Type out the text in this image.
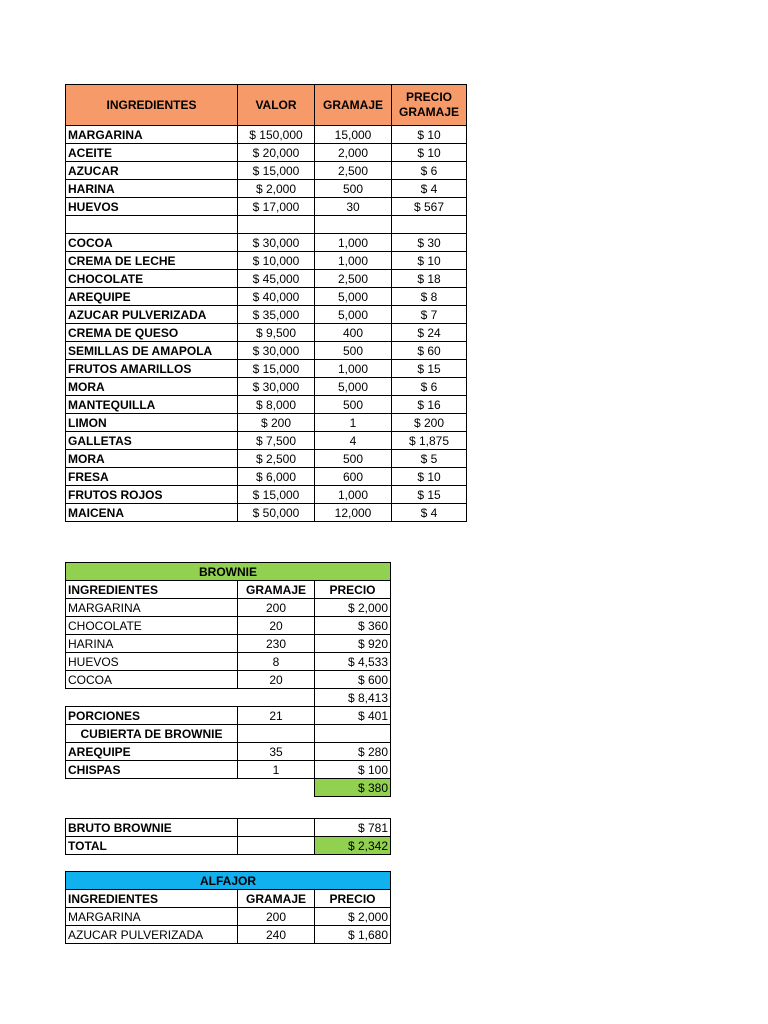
INGREDIENTES	VALOR	GRAMAJE	PRECIO GRAMAJE
MARGARINA	$ 150,000	15,000	$ 10
ACEITE	$ 20,000	2,000	$ 10
AZUCAR	$ 15,000	2,500	$ 6
HARINA	$ 2,000	500	$ 4
HUEVOS	$ 17,000	30	$ 567

COCOA	$ 30,000	1,000	$ 30
CREMA DE LECHE	$ 10,000	1,000	$ 10
CHOCOLATE	$ 45,000	2,500	$ 18
AREQUIPE	$ 40,000	5,000	$ 8
AZUCAR PULVERIZADA	$ 35,000	5,000	$ 7
CREMA DE QUESO	$ 9,500	400	$ 24
SEMILLAS DE AMAPOLA	$ 30,000	500	$ 60
FRUTOS AMARILLOS	$ 15,000	1,000	$ 15
MORA	$ 30,000	5,000	$ 6
MANTEQUILLA	$ 8,000	500	$ 16
LIMON	$ 200	1	$ 200
GALLETAS	$ 7,500	4	$ 1,875
MORA	$ 2,500	500	$ 5
FRESA	$ 6,000	600	$ 10
FRUTOS ROJOS	$ 15,000	1,000	$ 15
MAICENA	$ 50,000	12,000	$ 4
BROWNIE		
INGREDIENTES	GRAMAJE	PRECIO
MARGARINA	200	$ 2,000
CHOCOLATE	20	$ 360
HARINA	230	$ 920
HUEVOS	8	$ 4,533
COCOA	20	$ 600
		$ 8,413
PORCIONES	21	$ 401
CUBIERTA DE BROWNIE		
AREQUIPE	35	$ 280
CHISPAS	1	$ 100
		$ 380
BRUTO BROWNIE		$ 781
TOTAL		$ 2,342
ALFAJOR		
INGREDIENTES	GRAMAJE	PRECIO
MARGARINA	200	$ 2,000
AZUCAR PULVERIZADA	240	$ 1,680
